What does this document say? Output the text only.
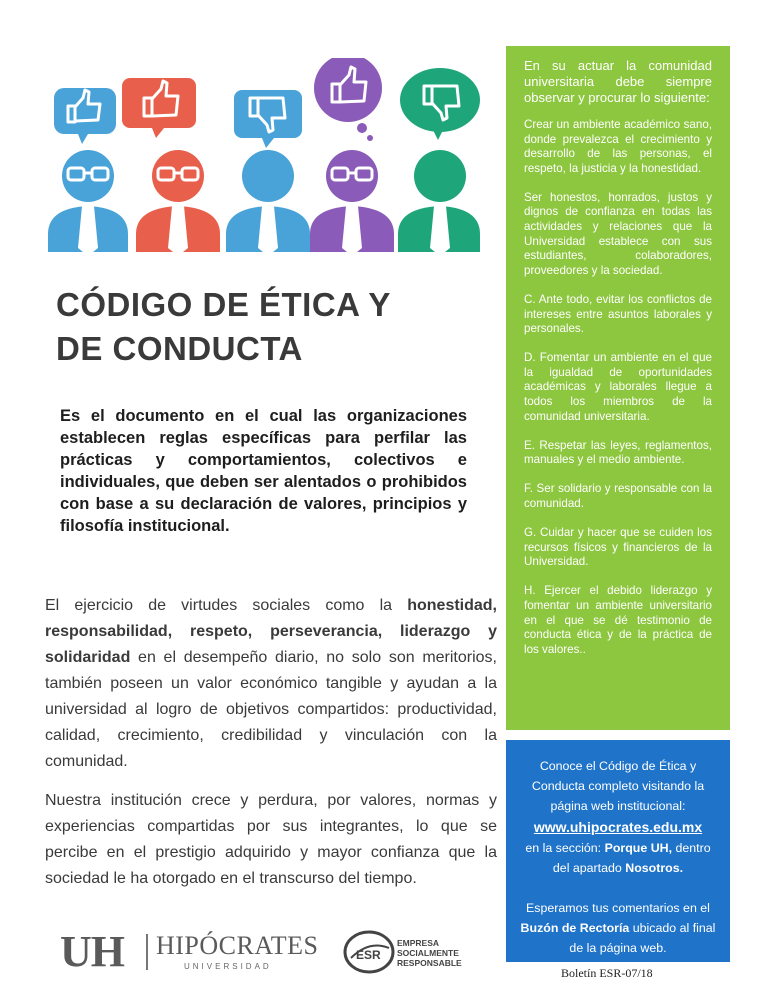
CÓDIGO DE ÉTICA Y
DE CONDUCTA

Es el documento en el cual las organizaciones establecen reglas específicas para perfilar las prácticas y comportamientos, colectivos e individuales, que deben ser alentados o prohibidos con base a su declaración de valores, principios y filosofía institucional.

El ejercicio de virtudes sociales como la honestidad, responsabilidad, respeto, perseverancia, liderazgo y solidaridad en el desempeño diario, no solo son meritorios, también poseen un valor económico tangible y ayudan a la universidad al logro de objetivos compartidos: productividad, calidad, crecimiento, credibilidad y vinculación con la comunidad.

Nuestra institución crece y perdura, por valores, normas y experiencias compartidas por sus integrantes, lo que se percibe en el prestigio adquirido y mayor confianza que la sociedad le ha otorgado en el transcurso del tiempo.

En su actuar la comunidad universitaria debe siempre observar y procurar lo siguiente:

Crear un ambiente académico sano, donde prevalezca el crecimiento y desarrollo de las personas, el respeto, la justicia y la honestidad.

Ser honestos, honrados, justos y dignos de confianza en todas las actividades y relaciones que la Universidad establece con sus estudiantes, colaboradores, proveedores y la sociedad.

C. Ante todo, evitar los conflictos de intereses entre asuntos laborales y personales.

D. Fomentar un ambiente en el que la igualdad de oportunidades académicas y laborales llegue a todos los miembros de la comunidad universitaria.

E. Respetar las leyes, reglamentos, manuales y el medio ambiente.

F. Ser solidario y responsable con la comunidad.

G. Cuidar y hacer que se cuiden los recursos físicos y financieros de la Universidad.

H. Ejercer el debido liderazgo y fomentar un ambiente universitario en el que se dé testimonio de conducta ética y de la práctica de los valores..

Conoce el Código de Ética y Conducta completo visitando la página web institucional:

www.uhipocrates.edu.mx

en la sección: Porque UH, dentro del apartado Nosotros.

Esperamos tus comentarios en el Buzón de Rectoría ubicado al final de la página web.

UH HIPÓCRATES
UNIVERSIDAD
ESR
EMPRESA
SOCIALMENTE
RESPONSABLE
Boletín ESR-07/18
